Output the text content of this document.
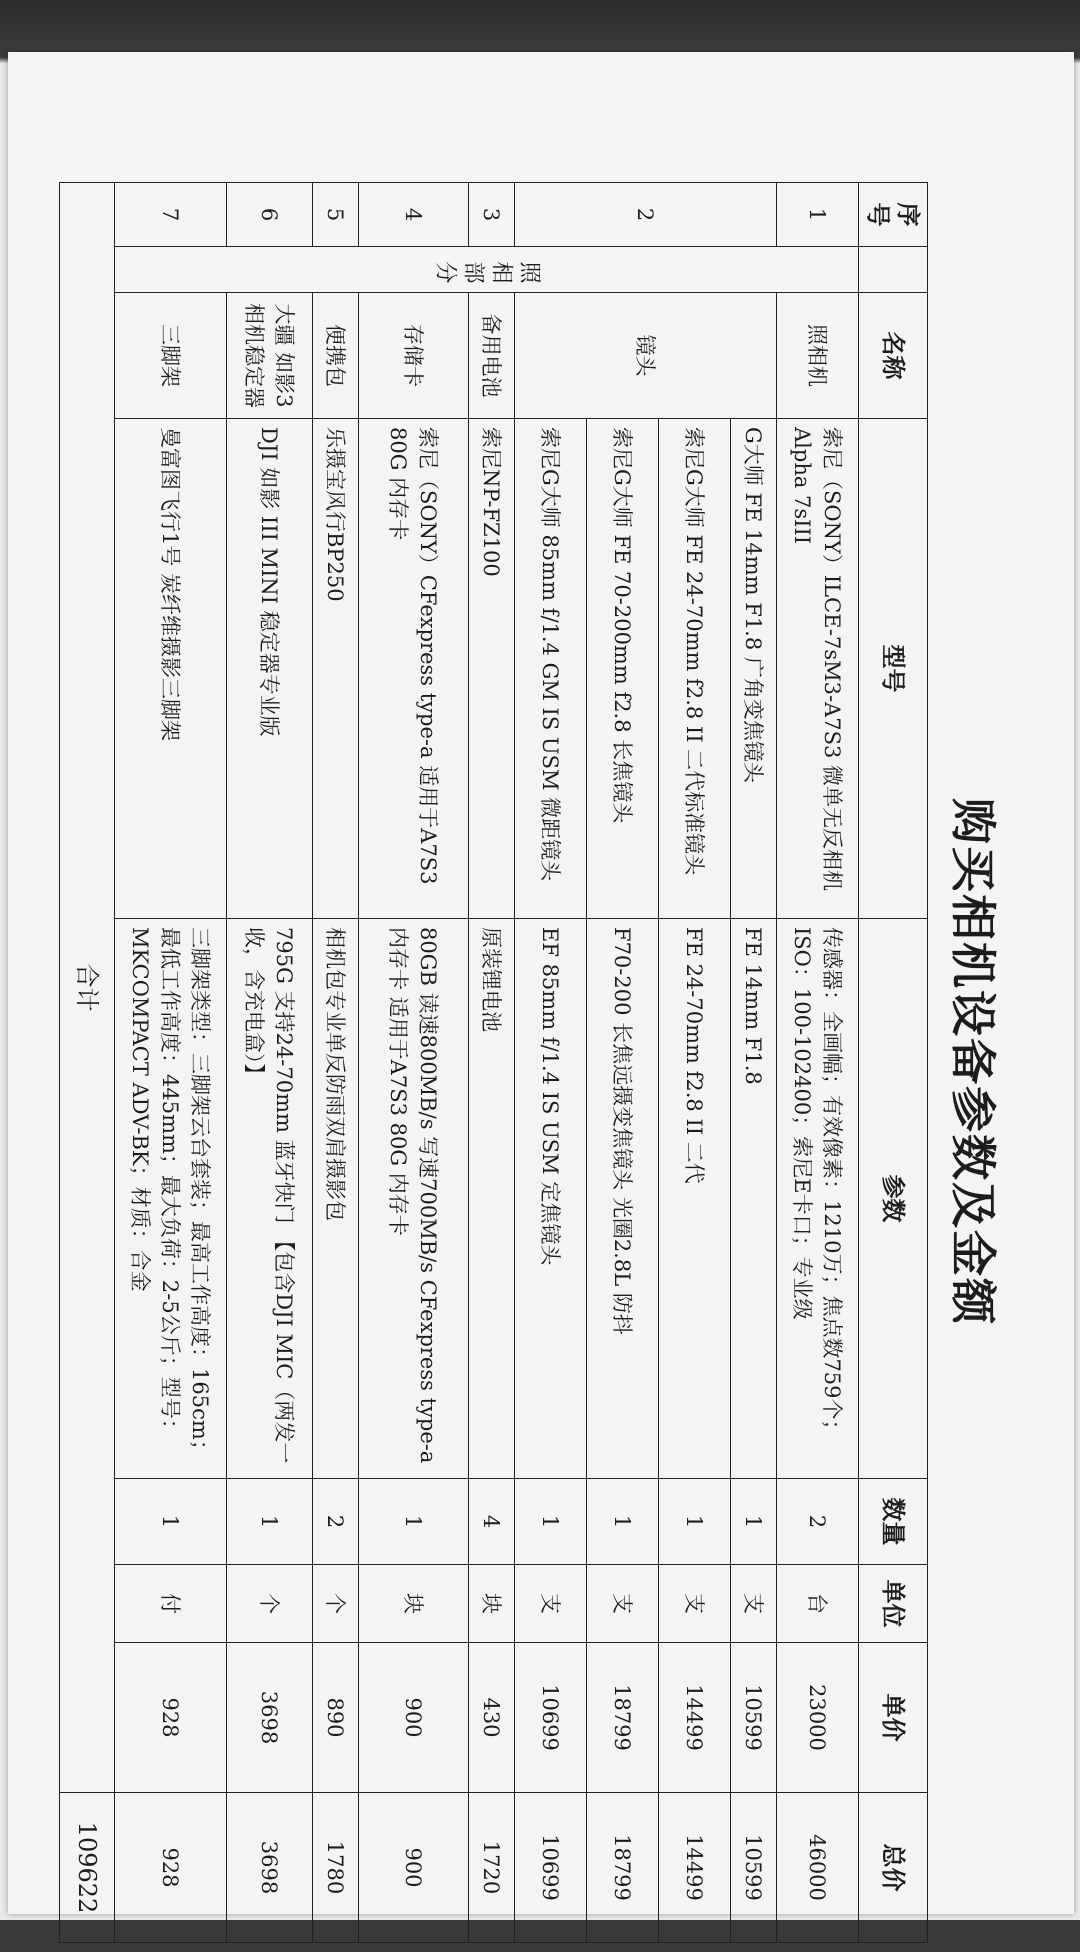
购买相机设备参数及金额
序号		名称	型号	参数	数量	单位	单价	总价
1	照相部分	照相机	索尼（SONY）ILCE-7sM3-A7S3 微单无反相机Alpha 7sIII	传感器：全画幅；有效像素：1210万；焦点数759个；ISO：100-102400；索尼E卡口；专业级	2	台	23000	46000
2		镜头	G大师 FE 14mm F1.8 广角变焦镜头	FE 14mm F1.8	1	支	10599	10599
			索尼G大师 FE 24-70mm f2.8 II 二代标准镜头	FE 24-70mm f2.8 II 二代	1	支	14499	14499
			索尼G大师 FE 70-200mm f2.8 长焦镜头	F70-200 长焦远摄变焦镜头 光圈2.8L 防抖	1	支	18799	18799
			索尼G大师 85mm f/1.4 GM IS USM 微距镜头	EF 85mm f/1.4 IS USM 定焦镜头	1	支	10699	10699
3		备用电池	索尼NP-FZ100	原装锂电池	4	块	430	1720
4		存储卡	索尼（SONY）CFexpress type-a 适用于A7S3 80G 内存卡	80GB 读速800MB/s 写速700MB/s CFexpress type-a 内存卡 适用于A7S3 80G 内存卡	1	块	900	900
5		便携包	乐摄宝风行BP250	相机包专业单反防雨双肩摄影包	2	个	890	1780
6		大疆 如影3 相机稳定器	DJI 如影 III MINI 稳定器专业版	795G 支持24-70mm 蓝牙快门 【包含DJI MIC（两发一收，含充电盒）】	1	个	3698	3698
7		三脚架	曼富图飞行1号 炭纤维摄影三脚架	三脚架类型：三脚架云台套装；最高工作高度：165cm；最低工作高度：445mm；最大负荷：2-5公斤；型号：MKCOMPACT ADV-BK；材质：合金	1	付	928	928
合计								109622
